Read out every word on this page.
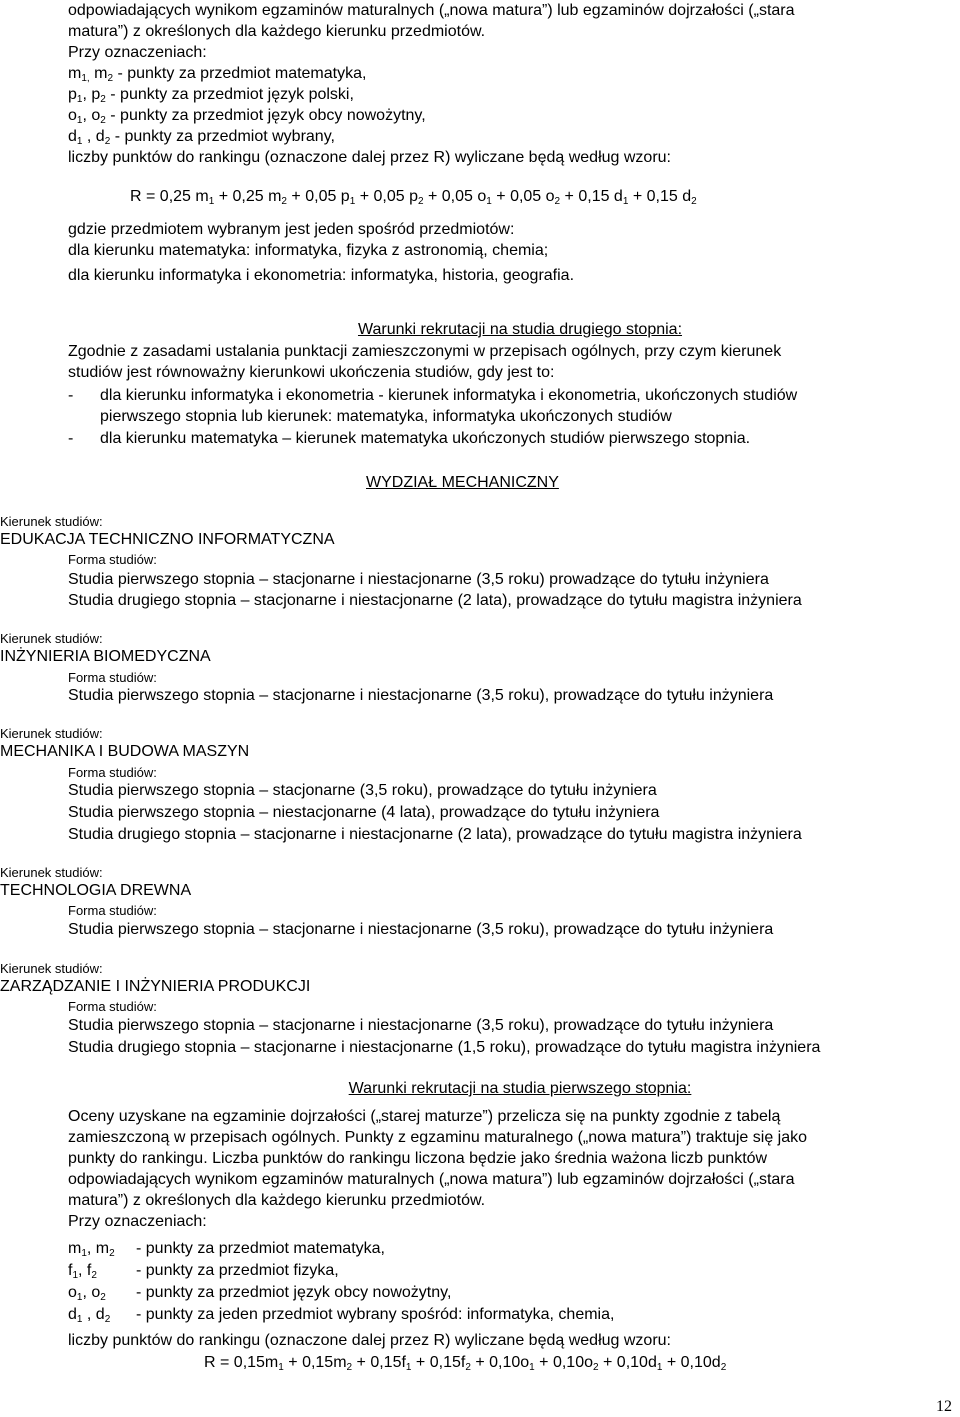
odpowiadających wynikom egzaminów maturalnych („nowa matura”) lub egzaminów dojrzałości („stara
matura”) z określonych dla każdego kierunku przedmiotów.
Przy oznaczeniach:
$m_{1,}$ $m_2$ - punkty za przedmiot matematyka,
$p_1$, $p_2$ - punkty za przedmiot język polski,
$o_1$, $o_2$ - punkty za przedmiot język obcy nowożytny,
$d_1$ , $d_2$ - punkty za przedmiot wybrany,
liczby punktów do rankingu (oznaczone dalej przez R) wyliczane będą według wzoru:
R = 0,25 $m_1 + 0,25$ $m_2 + 0,05$ $p_1 + 0,05$ $p_2 + 0,05$ $o_1 + 0,05$ $o_2 + 0,15$ $d_1 + 0,15$ $d_2$
gdzie przedmiotem wybranym jest jeden spośród przedmiotów:
dla kierunku matematyka: informatyka, fizyka z astronomią, chemia;
dla kierunku informatyka i ekonometria: informatyka, historia, geografia.
Warunki rekrutacji na studia drugiego stopnia:
Zgodnie z zasadami ustalania punktacji zamieszczonymi w przepisach ogólnych, przy czym kierunek
studiów jest równoważny kierunkowi ukończenia studiów, gdy jest to:
- dla kierunku informatyka i ekonometria - kierunek informatyka i ekonometria, ukończonych studiów
pierwszego stopnia lub kierunek: matematyka, informatyka ukończonych studiów
- dla kierunku matematyka – kierunek matematyka ukończonych studiów pierwszego stopnia.
WYDZIAŁ MECHANICZNY
Kierunek studiów:
EDUKACJA TECHNICZNO INFORMATYCZNA
Forma studiów:
Studia pierwszego stopnia – stacjonarne i niestacjonarne (3,5 roku) prowadzące do tytułu inżyniera
Studia drugiego stopnia – stacjonarne i niestacjonarne (2 lata), prowadzące do tytułu magistra inżyniera
Kierunek studiów:
INŻYNIERIA BIOMEDYCZNA
Forma studiów:
Studia pierwszego stopnia – stacjonarne i niestacjonarne (3,5 roku), prowadzące do tytułu inżyniera
Kierunek studiów:
MECHANIKA I BUDOWA MASZYN
Forma studiów:
Studia pierwszego stopnia – stacjonarne (3,5 roku), prowadzące do tytułu inżyniera
Studia pierwszego stopnia – niestacjonarne (4 lata), prowadzące do tytułu inżyniera
Studia drugiego stopnia – stacjonarne i niestacjonarne (2 lata), prowadzące do tytułu magistra inżyniera
Kierunek studiów:
TECHNOLOGIA DREWNA
Forma studiów:
Studia pierwszego stopnia – stacjonarne i niestacjonarne (3,5 roku), prowadzące do tytułu inżyniera
Kierunek studiów:
ZARZĄDZANIE I INŻYNIERIA PRODUKCJI
Forma studiów:
Studia pierwszego stopnia – stacjonarne i niestacjonarne (3,5 roku), prowadzące do tytułu inżyniera
Studia drugiego stopnia – stacjonarne i niestacjonarne (1,5 roku), prowadzące do tytułu magistra inżyniera
Warunki rekrutacji na studia pierwszego stopnia:
Oceny uzyskane na egzaminie dojrzałości („starej maturze”) przelicza się na punkty zgodnie z tabelą
zamieszczoną w przepisach ogólnych. Punkty z egzaminu maturalnego („nowa matura”) traktuje się jako
punkty do rankingu. Liczba punktów do rankingu liczona będzie jako średnia ważona liczb punktów
odpowiadających wynikom egzaminów maturalnych („nowa matura”) lub egzaminów dojrzałości („stara
matura”) z określonych dla każdego kierunku przedmiotów.
Przy oznaczeniach:
$m_1$, $m_2$ - punkty za przedmiot matematyka,
$f_1$, $f_2$ - punkty za przedmiot fizyka,
$o_1$, $o_2$ - punkty za przedmiot język obcy nowożytny,
$d_1$ , $d_2$ - punkty za jeden przedmiot wybrany spośród: informatyka, chemia,
liczby punktów do rankingu (oznaczone dalej przez R) wyliczane będą według wzoru:
$R = 0,15m_1 + 0,15m_2 + 0,15f_1 + 0,15f_2 + 0,10o_1 + 0,10o_2 + 0,10d_1 + 0,10d_2$
12
